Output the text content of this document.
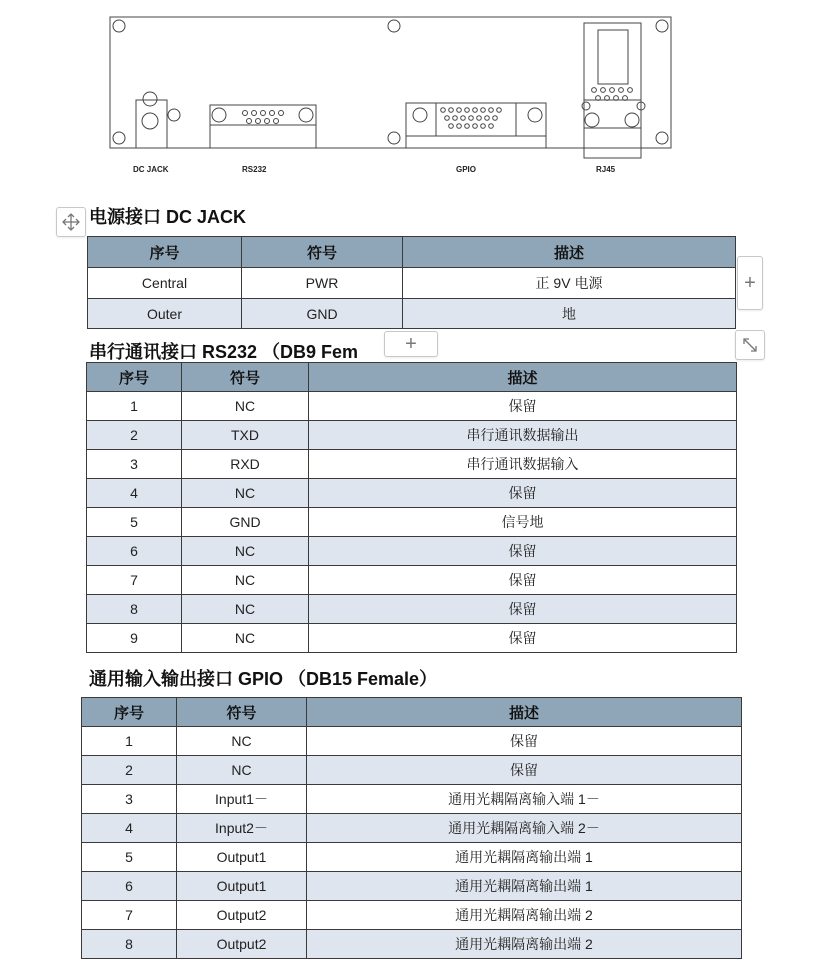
DC JACK	RS232	GPIO	RJ45
电源接口 DC JACK
序号	符号	描述
Central	PWR	正 9V 电源
Outer	GND	地
+
串行通讯接口 RS232 （DB9 Fem	+
序号	符号	描述
1	NC	保留
2	TXD	串行通讯数据输出
3	RXD	串行通讯数据输入
4	NC	保留
5	GND	信号地
6	NC	保留
7	NC	保留
8	NC	保留
9	NC	保留
通用输入输出接口 GPIO （DB15 Female）
序号	符号	描述
1	NC	保留
2	NC	保留
3	Input1－	通用光耦隔离输入端 1－
4	Input2－	通用光耦隔离输入端 2－
5	Output1	通用光耦隔离输出端 1
6	Output1	通用光耦隔离输出端 1
7	Output2	通用光耦隔离输出端 2
8	Output2	通用光耦隔离输出端 2
